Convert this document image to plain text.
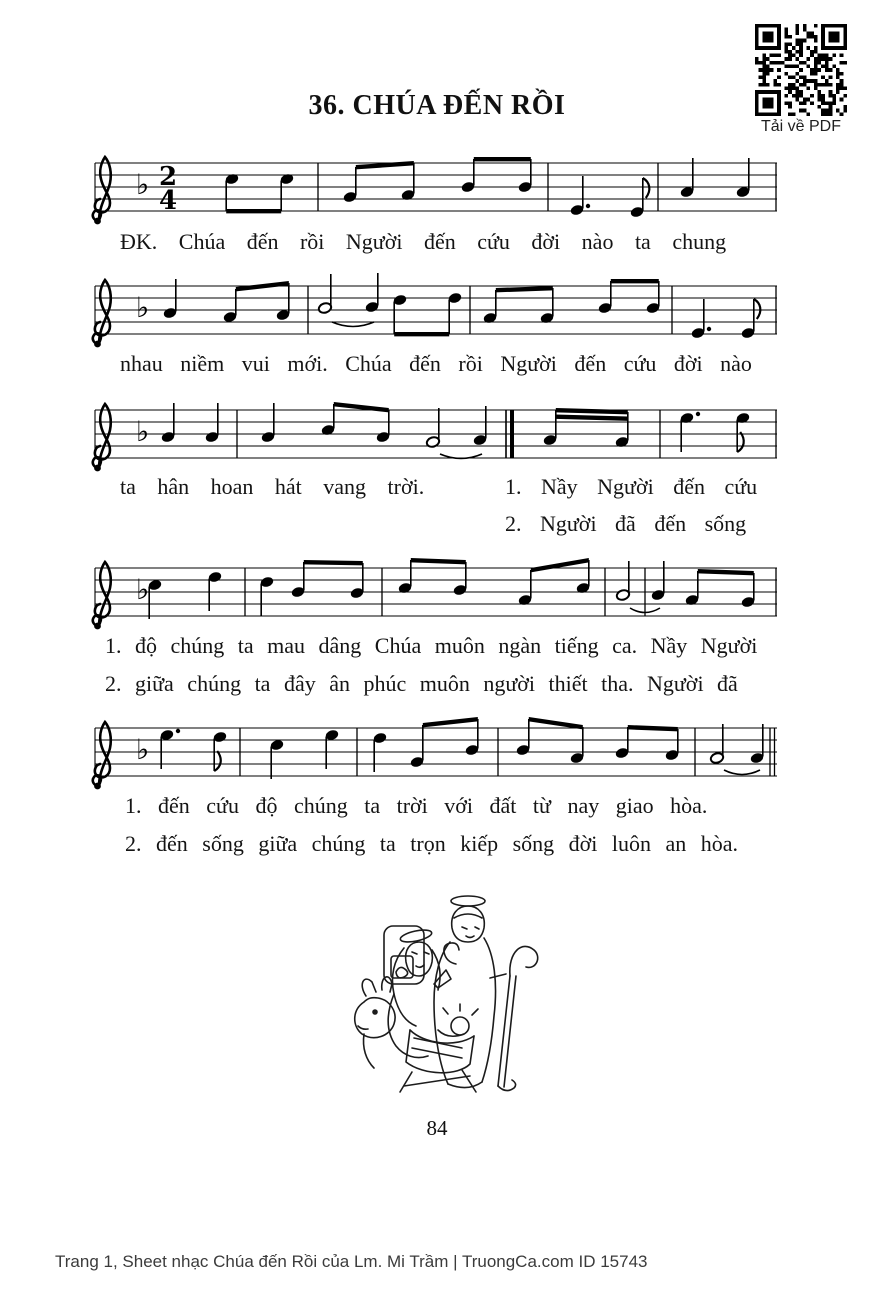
36. CHÚA ĐẾN RỒI
Tải về PDF
♭ 2
4
♭
♭
♭
♭
ĐK. Chúa đến rồi Người đến cứu đời nào ta chung
nhau niềm vui mới. Chúa đến rồi Người đến cứu đời nào
ta hân hoan hát vang trời.	1. Nầy Người đến cứu
2. Người đã đến sống
1. độ chúng ta mau dâng Chúa muôn ngàn tiếng ca. Nầy Người
2. giữa chúng ta đây ân phúc muôn người thiết tha. Người đã
1. đến cứu độ chúng ta trời với đất từ nay giao hòa.
2. đến sống giữa chúng ta trọn kiếp sống đời luôn an hòa.
84
Trang 1, Sheet nhạc Chúa đến Rồi của Lm. Mi Trầm | TruongCa.com ID 15743
